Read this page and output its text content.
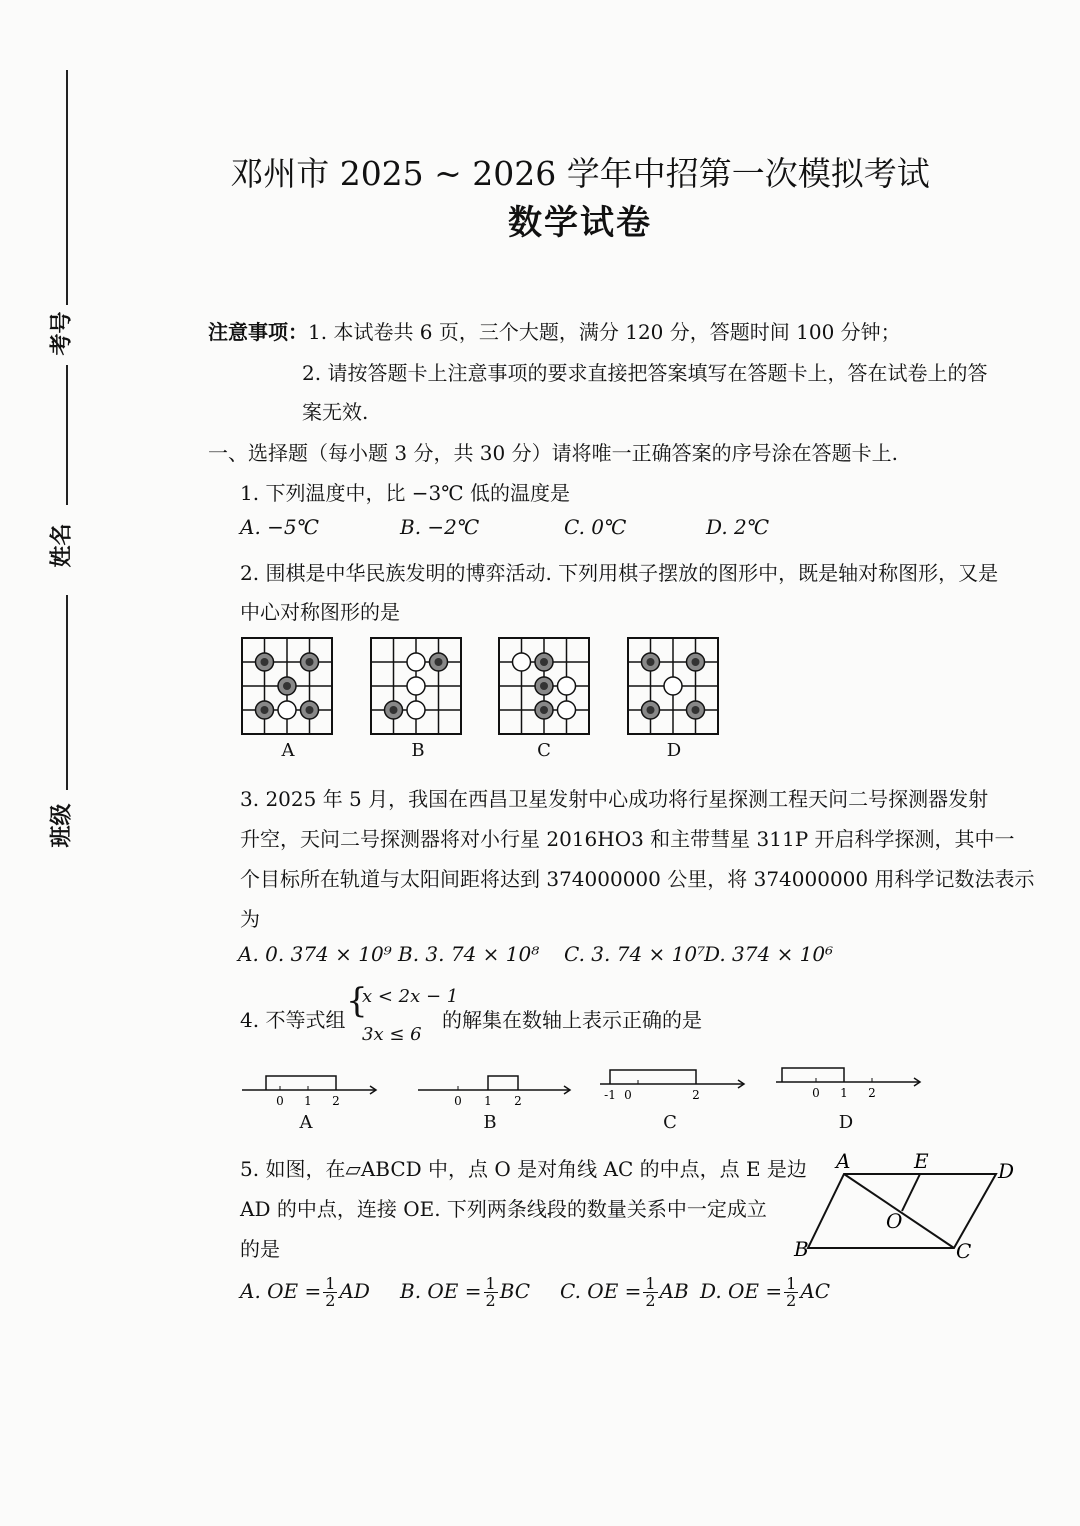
考号
姓名
班级
邓州市 2025 ~ 2026 学年中招第一次模拟考试
数学试卷
注意事项：1. 本试卷共 6 页，三个大题，满分 120 分，答题时间 100 分钟；
2. 请按答题卡上注意事项的要求直接把答案填写在答题卡上，答在试卷上的答
案无效.
一、选择题（每小题 3 分，共 30 分）请将唯一正确答案的序号涂在答题卡上.
1. 下列温度中，比 −3℃ 低的温度是
A. −5℃	B. −2℃	C. 0℃	D. 2℃
2. 围棋是中华民族发明的博弈活动. 下列用棋子摆放的图形中，既是轴对称图形，又是
中心对称图形的是
A	B	C	D
3. 2025 年 5 月，我国在西昌卫星发射中心成功将行星探测工程天问二号探测器发射
升空，天问二号探测器将对小行星 2016HO3 和主带彗星 311P 开启科学探测，其中一
个目标所在轨道与太阳间距将达到 374000000 公里，将 374000000 用科学记数法表示
为
A. 0. 374 × 10⁹ B. 3. 74 × 10⁸ C. 3. 74 × 10⁷
D. 374 × 10⁶
4. 不等式组 {
x < 2x − 1
3x ≤ 6
的解集在数轴上表示正确的是
0 1 2	0 1 2	-1 0	2	0 1 2
A	B	C	D
5. 如图，在▱ABCD 中，点 O 是对角线 AC 的中点，点 E 是边
AD 的中点，连接 OE. 下列两条线段的数量关系中一定成立
的是
A	E	D
O
B	C
A. OE = $\frac{1}{2}$ AD B. OE = $\frac{1}{2}$ BC C. OE = $\frac{1}{2}$ AB D. OE = $\frac{1}{2}$ AC
